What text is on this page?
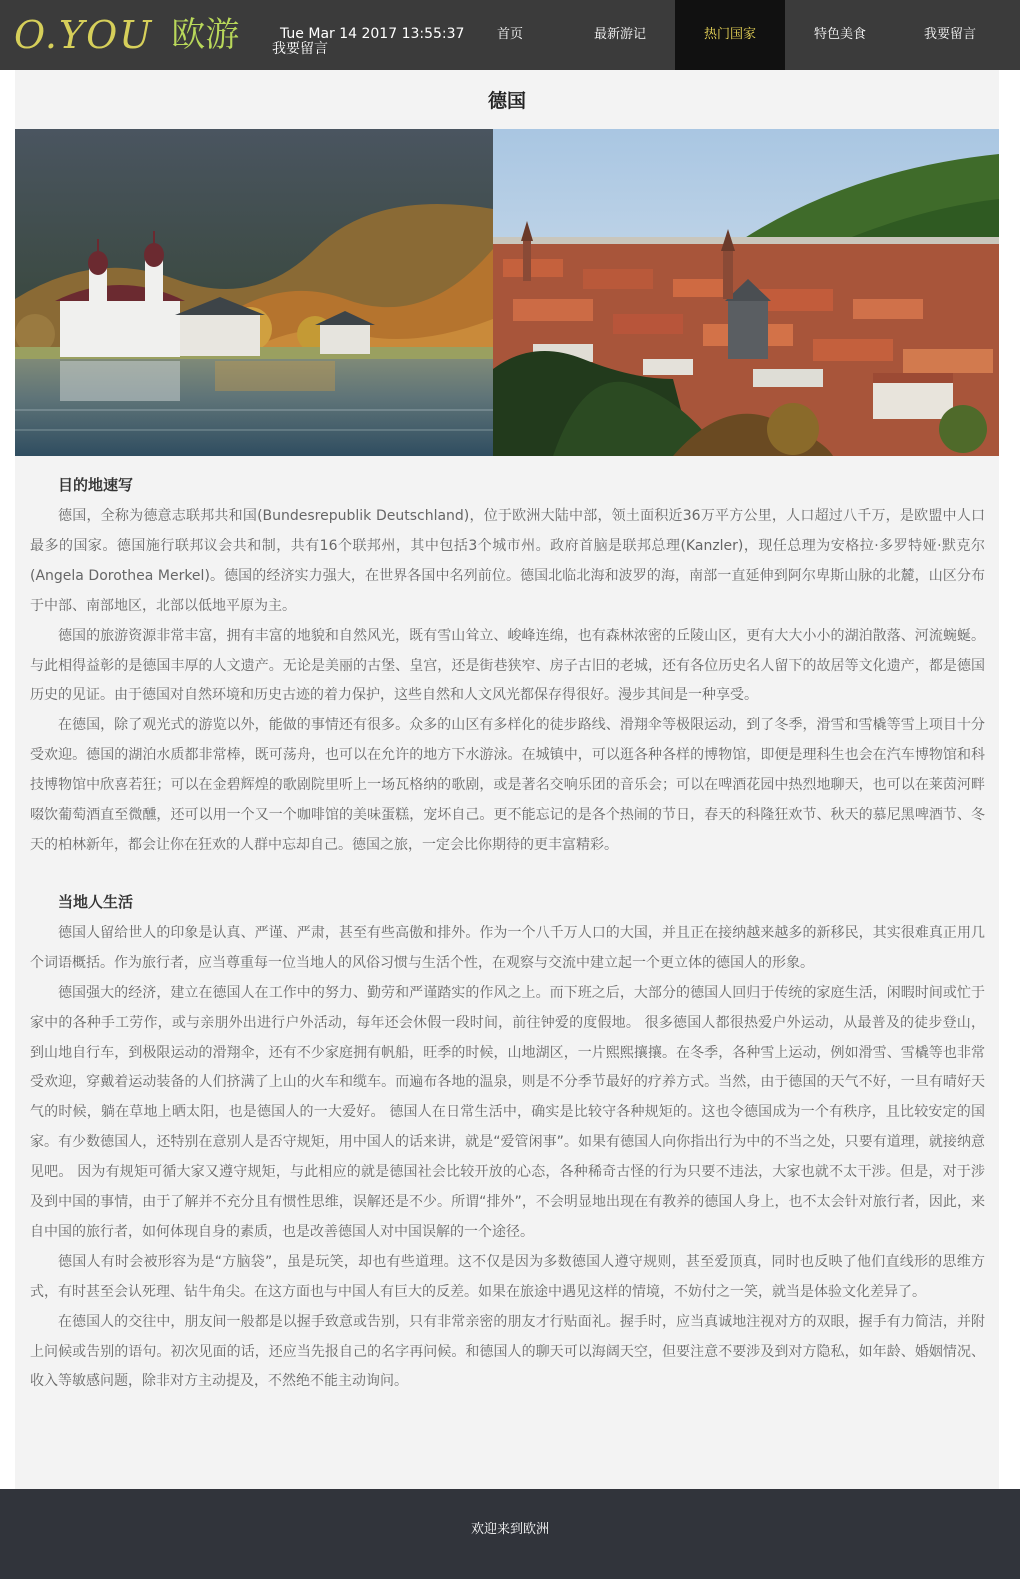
O.YOU 欧游	Tue Mar 14 2017 13:55:37
我要留言
首页	最新游记	热门国家	特色美食	我要留言
德国
目的地速写

德国，全称为德意志联邦共和国(Bundesrepublik Deutschland)，位于欧洲大陆中部，领土面积近36万平方公里，人口超过八千万，是欧盟中人口最多的国家。德国施行联邦议会共和制，共有16个联邦州，其中包括3个城市州。政府首脑是联邦总理(Kanzler)，现任总理为安格拉·多罗特娅·默克尔(Angela Dorothea Merkel)。德国的经济实力强大，在世界各国中名列前位。德国北临北海和波罗的海，南部一直延伸到阿尔卑斯山脉的北麓，山区分布于中部、南部地区，北部以低地平原为主。

德国的旅游资源非常丰富，拥有丰富的地貌和自然风光，既有雪山耸立、峻峰连绵，也有森林浓密的丘陵山区，更有大大小小的湖泊散落、河流蜿蜒。与此相得益彰的是德国丰厚的人文遗产。无论是美丽的古堡、皇宫，还是街巷狭窄、房子古旧的老城，还有各位历史名人留下的故居等文化遗产，都是德国历史的见证。由于德国对自然环境和历史古迹的着力保护，这些自然和人文风光都保存得很好。漫步其间是一种享受。

在德国，除了观光式的游览以外，能做的事情还有很多。众多的山区有多样化的徒步路线、滑翔伞等极限运动，到了冬季，滑雪和雪橇等雪上项目十分受欢迎。德国的湖泊水质都非常棒，既可荡舟，也可以在允许的地方下水游泳。在城镇中，可以逛各种各样的博物馆，即便是理科生也会在汽车博物馆和科技博物馆中欣喜若狂；可以在金碧辉煌的歌剧院里听上一场瓦格纳的歌剧，或是著名交响乐团的音乐会；可以在啤酒花园中热烈地聊天，也可以在莱茵河畔啜饮葡萄酒直至微醺，还可以用一个又一个咖啡馆的美味蛋糕，宠坏自己。更不能忘记的是各个热闹的节日，春天的科隆狂欢节、秋天的慕尼黑啤酒节、冬天的柏林新年，都会让你在狂欢的人群中忘却自己。德国之旅，一定会比你期待的更丰富精彩。

当地人生活

德国人留给世人的印象是认真、严谨、严肃，甚至有些高傲和排外。作为一个八千万人口的大国，并且正在接纳越来越多的新移民，其实很难真正用几个词语概括。作为旅行者，应当尊重每一位当地人的风俗习惯与生活个性，在观察与交流中建立起一个更立体的德国人的形象。

德国强大的经济，建立在德国人在工作中的努力、勤劳和严谨踏实的作风之上。而下班之后，大部分的德国人回归于传统的家庭生活，闲暇时间或忙于家中的各种手工劳作，或与亲朋外出进行户外活动，每年还会休假一段时间，前往钟爱的度假地。 很多德国人都很热爱户外运动，从最普及的徒步登山，到山地自行车，到极限运动的滑翔伞，还有不少家庭拥有帆船，旺季的时候，山地湖区，一片熙熙攘攘。在冬季，各种雪上运动，例如滑雪、雪橇等也非常受欢迎，穿戴着运动装备的人们挤满了上山的火车和缆车。而遍布各地的温泉，则是不分季节最好的疗养方式。当然，由于德国的天气不好，一旦有晴好天气的时候，躺在草地上晒太阳，也是德国人的一大爱好。 德国人在日常生活中，确实是比较守各种规矩的。这也令德国成为一个有秩序，且比较安定的国家。有少数德国人，还特别在意别人是否守规矩，用中国人的话来讲，就是“爱管闲事”。如果有德国人向你指出行为中的不当之处，只要有道理，就接纳意见吧。 因为有规矩可循大家又遵守规矩，与此相应的就是德国社会比较开放的心态，各种稀奇古怪的行为只要不违法，大家也就不太干涉。但是，对于涉及到中国的事情，由于了解并不充分且有惯性思维，误解还是不少。所谓“排外”，不会明显地出现在有教养的德国人身上，也不太会针对旅行者，因此，来自中国的旅行者，如何体现自身的素质，也是改善德国人对中国误解的一个途径。

德国人有时会被形容为是“方脑袋”，虽是玩笑，却也有些道理。这不仅是因为多数德国人遵守规则，甚至爱顶真，同时也反映了他们直线形的思维方式，有时甚至会认死理、钻牛角尖。在这方面也与中国人有巨大的反差。如果在旅途中遇见这样的情境，不妨付之一笑，就当是体验文化差异了。

在德国人的交往中，朋友间一般都是以握手致意或告别，只有非常亲密的朋友才行贴面礼。握手时，应当真诚地注视对方的双眼，握手有力简洁，并附上问候或告别的语句。初次见面的话，还应当先报自己的名字再问候。和德国人的聊天可以海阔天空，但要注意不要涉及到对方隐私，如年龄、婚姻情况、收入等敏感问题，除非对方主动提及，不然绝不能主动询问。

欢迎来到欧洲
